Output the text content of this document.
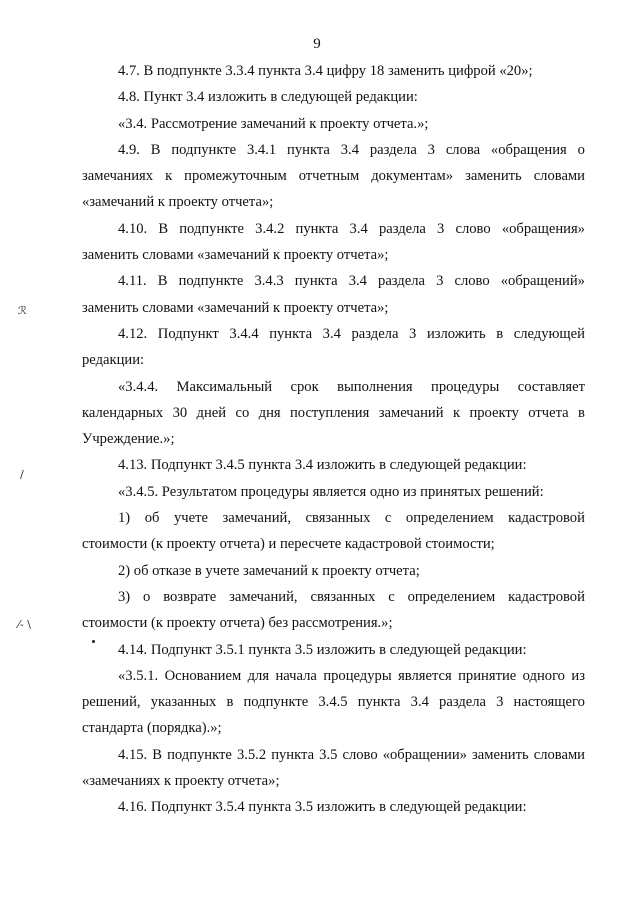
9
4.7. В подпункте 3.3.4 пункта 3.4 цифру 18 заменить цифрой «20»;
4.8. Пункт 3.4 изложить в следующей редакции:
«3.4. Рассмотрение замечаний к проекту отчета.»;
4.9. В подпункте 3.4.1 пункта 3.4 раздела 3 слова «обращения о
замечаниях к промежуточным отчетным документам» заменить словами
«замечаний к проекту отчета»;
4.10. В подпункте 3.4.2 пункта 3.4 раздела 3 слово «обращения»
заменить словами «замечаний к проекту отчета»;
4.11. В подпункте 3.4.3 пункта 3.4 раздела 3 слово «обращений»
заменить словами «замечаний к проекту отчета»;
4.12. Подпункт 3.4.4 пункта 3.4 раздела 3 изложить в следующей
редакции:
«3.4.4. Максимальный срок выполнения процедуры составляет
календарных 30 дней со дня поступления замечаний к проекту отчета в
Учреждение.»;
4.13. Подпункт 3.4.5 пункта 3.4 изложить в следующей редакции:
«3.4.5. Результатом процедуры является одно из принятых решений:
1) об учете замечаний, связанных с определением кадастровой
стоимости (к проекту отчета) и пересчете кадастровой стоимости;
2) об отказе в учете замечаний к проекту отчета;
3) о возврате замечаний, связанных с определением кадастровой
стоимости (к проекту отчета) без рассмотрения.»;
4.14. Подпункт 3.5.1 пункта 3.5 изложить в следующей редакции:
«3.5.1. Основанием для начала процедуры является принятие одного из
решений, указанных в подпункте 3.4.5 пункта 3.4 раздела 3 настоящего
стандарта (порядка).»;
4.15. В подпункте 3.5.2 пункта 3.5 слово «обращении» заменить словами
«замечаниях к проекту отчета»;
4.16. Подпункт 3.5.4 пункта 3.5 изложить в следующей редакции:
ℛ
\
⁄‐ \
